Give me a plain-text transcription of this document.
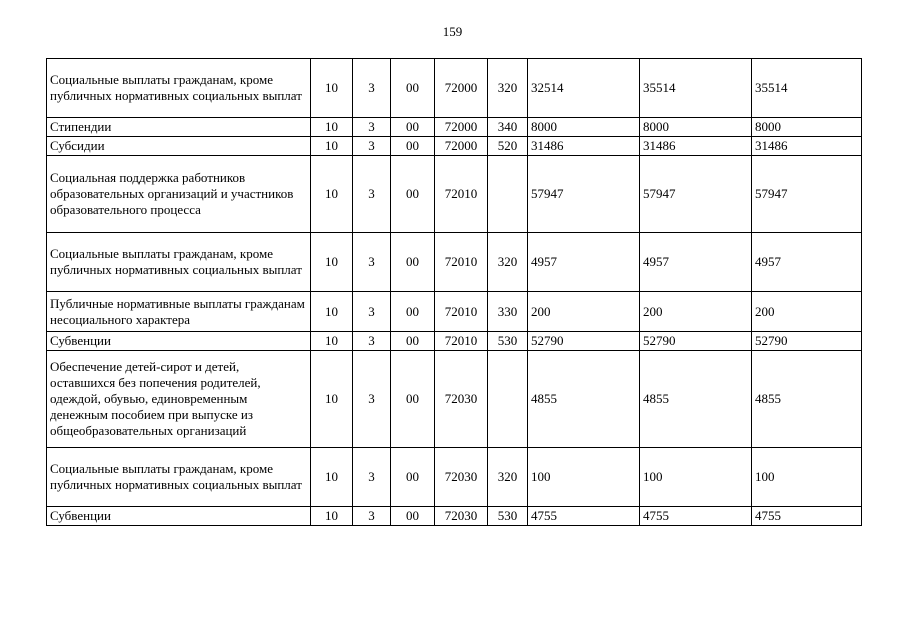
159
Социальные выплаты гражданам, кроме публичных нормативных социальных выплат	10	3	00	72000	320	32514	35514	35514
Стипендии	10	3	00	72000	340	8000	8000	8000
Субсидии	10	3	00	72000	520	31486	31486	31486
Социальная поддержка работников образовательных организаций и участников образовательного процесса	10	3	00	72010		57947	57947	57947
Социальные выплаты гражданам, кроме публичных нормативных социальных выплат	10	3	00	72010	320	4957	4957	4957
Публичные нормативные выплаты гражданам несоциального характера	10	3	00	72010	330	200	200	200
Субвенции	10	3	00	72010	530	52790	52790	52790
Обеспечение детей-сирот и детей, оставшихся без попечения родителей, одеждой, обувью, единовременным денежным пособием при выпуске из общеобразовательных организаций	10	3	00	72030		4855	4855	4855
Социальные выплаты гражданам, кроме публичных нормативных социальных выплат	10	3	00	72030	320	100	100	100
Субвенции	10	3	00	72030	530	4755	4755	4755
